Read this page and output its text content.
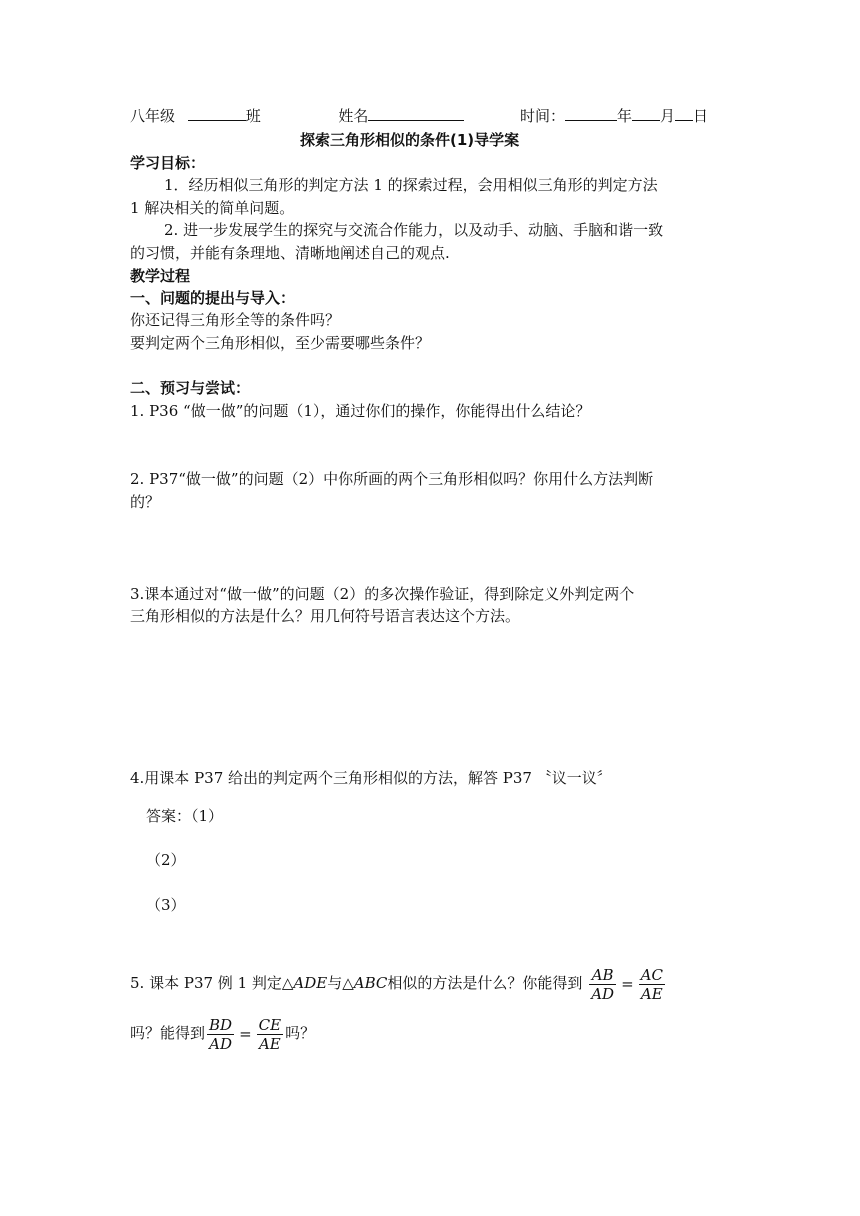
八年级	班	姓名	时间：	年 月 日
探索三角形相似的条件(1)导学案
学习目标：
1．经历相似三角形的判定方法 1 的探索过程，会用相似三角形的判定方法
1 解决相关的简单问题。
2. 进一步发展学生的探究与交流合作能力，以及动手、动脑、手脑和谐一致
的习惯，并能有条理地、清晰地阐述自己的观点.
教学过程
一、问题的提出与导入：
你还记得三角形全等的条件吗？
要判定两个三角形相似，至少需要哪些条件？
二、预习与尝试：
1. P36 “做一做”的问题（1），通过你们的操作，你能得出什么结论？
2. P37“做一做”的问题（2）中你所画的两个三角形相似吗？你用什么方法判断
的？
3.课本通过对“做一做”的问题（2）的多次操作验证，得到除定义外判定两个
三角形相似的方法是什么？用几何符号语言表达这个方法。
4.用课本 P37 给出的判定两个三角形相似的方法，解答 P37 〝议一议〞
答案：（1）
（2）
（3）
5. 课本 P37 例 1 判定△ADE与△ABC相似的方法是什么？你能得到 $\frac{AB}{AD} = \frac{AC}{AE}$
吗？能得到 $\frac{BD}{AD} = \frac{CE}{AE}$ 吗？
